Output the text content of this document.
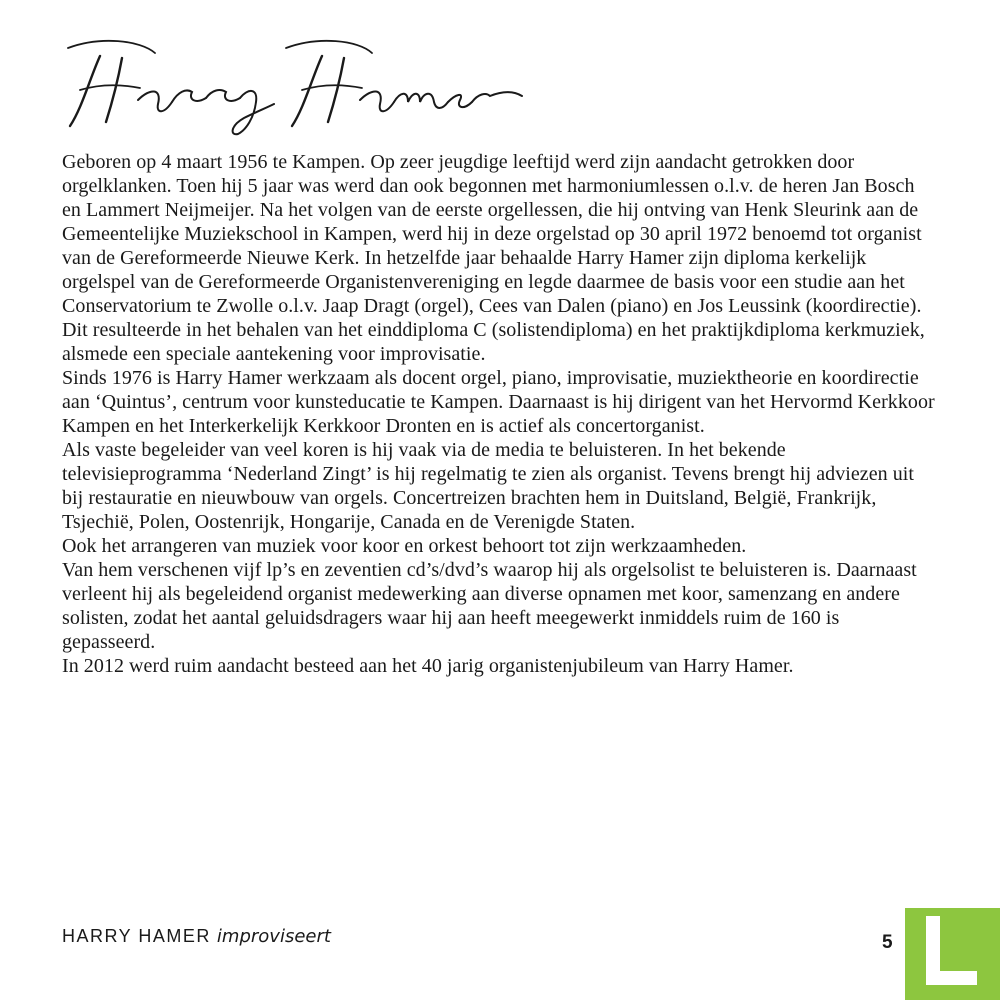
Geboren op 4 maart 1956 te Kampen. Op zeer jeugdige leeftijd werd zijn aandacht getrokken door orgelklanken. Toen hij 5 jaar was werd dan ook begonnen met harmoniumlessen o.l.v. de heren Jan Bosch en Lammert Neijmeijer. Na het volgen van de eerste orgellessen, die hij ontving van Henk Sleurink aan de Gemeentelijke Muziekschool in Kampen, werd hij in deze orgelstad op 30 april 1972 benoemd tot organist van de Gereformeerde Nieuwe Kerk. In hetzelfde jaar behaalde Harry Hamer zijn diploma kerkelijk orgelspel van de Gereformeerde Organistenvereniging en legde daarmee de basis voor een studie aan het Conservatorium te Zwolle o.l.v. Jaap Dragt (orgel), Cees van Dalen (piano) en Jos Leussink (koordirectie). Dit resulteerde in het behalen van het einddiploma C (solistendiploma) en het praktijkdiploma kerkmuziek, alsmede een speciale aantekening voor improvisatie.

Sinds 1976 is Harry Hamer werkzaam als docent orgel, piano, improvisatie, muziektheorie en koordirectie aan ‘Quintus’, centrum voor kunsteducatie te Kampen. Daarnaast is hij dirigent van het Hervormd Kerkkoor Kampen en het Interkerkelijk Kerkkoor Dronten en is actief als concertorganist.

Als vaste begeleider van veel koren is hij vaak via de media te beluisteren. In het bekende televisieprogramma ‘Nederland Zingt’ is hij regelmatig te zien als organist. Tevens brengt hij adviezen uit bij restauratie en nieuwbouw van orgels. Concertreizen brachten hem in Duitsland, België, Frankrijk, Tsjechië, Polen, Oostenrijk, Hongarije, Canada en de Verenigde Staten.

Ook het arrangeren van muziek voor koor en orkest behoort tot zijn werkzaamheden.

Van hem verschenen vijf lp’s en zeventien cd’s/dvd’s waarop hij als orgelsolist te beluisteren is. Daarnaast verleent hij als begeleidend organist medewerking aan diverse opnamen met koor, samenzang en andere solisten, zodat het aantal geluidsdragers waar hij aan heeft meegewerkt inmiddels ruim de 160 is gepasseerd.

In 2012 werd ruim aandacht besteed aan het 40 jarig organistenjubileum van Harry Hamer.

HARRY HAMER improviseert	5
